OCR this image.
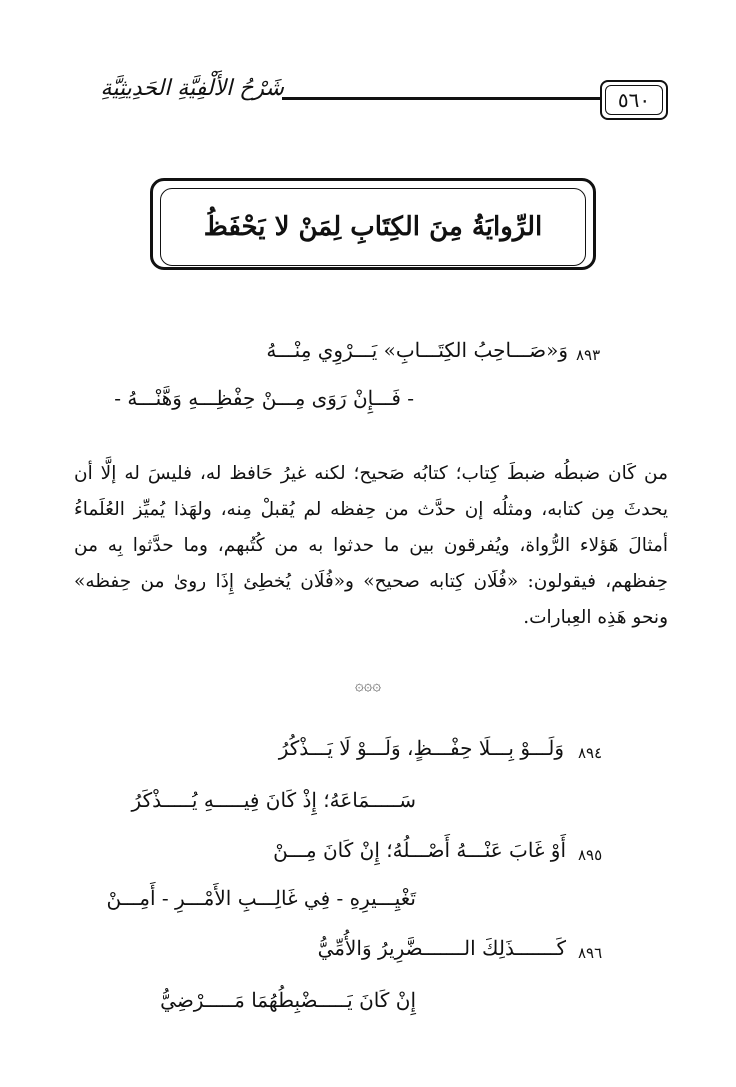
٥٦٠
شَرْحُ الأَلْفِيَّةِ الحَدِيثِيَّةِ
الرِّوايَةُ مِنَ الكِتَابِ لِمَنْ لا يَحْفَظُ
٨٩٣
وَ«صَـــاحِبُ الكِتَـــابِ» يَـــرْوِي مِنْـــهُ
- فَـــإِنْ رَوَى مِـــنْ حِفْظِـــهِ وَهَّنْـــهُ -
من كَان ضبطُه ضبطَ كِتاب؛ كتابُه صَحيح؛ لكنه غيرُ حَافظ له، فليسَ له إلَّا أن يحدثَ مِن كتابه، ومثلُه إن حدَّث من حِفظه لم يُقبلْ مِنه، ولهَذا يُميِّز العُلَماءُ أمثالَ هَؤلاء الرُّواة، ويُفرقون بين ما حدثوا به من كُتُبهم، وما حدَّثوا بِه من حِفظهم، فيقولون: «فُلَان كِتابه صحيح» و«فُلَان يُخطِئ إِذَا روىٰ من حِفظه» ونحو هَذِه العِبارات.
۞۞۞
٨٩٤
وَلَـــوْ بِـــلَا حِفْـــظٍ، وَلَـــوْ لَا يَـــذْكُرُ
سَـــــمَاعَهُ؛ إِذْ كَانَ فِيـــــهِ يُـــــذْكَرُ
٨٩٥
أَوْ غَابَ عَنْـــهُ أَصْـــلُهُ؛ إِنْ كَانَ مِـــنْ
تَغْيِـــيرِهِ - فِي غَالِـــبِ الأَمْـــرِ - أَمِـــنْ
٨٩٦
كَـــــــذَلِكَ الـــــــضَّرِيرُ وَالأُمِّيُّ
إِنْ كَانَ يَـــــضْبِطُهُمَا مَـــــرْضِيُّ
